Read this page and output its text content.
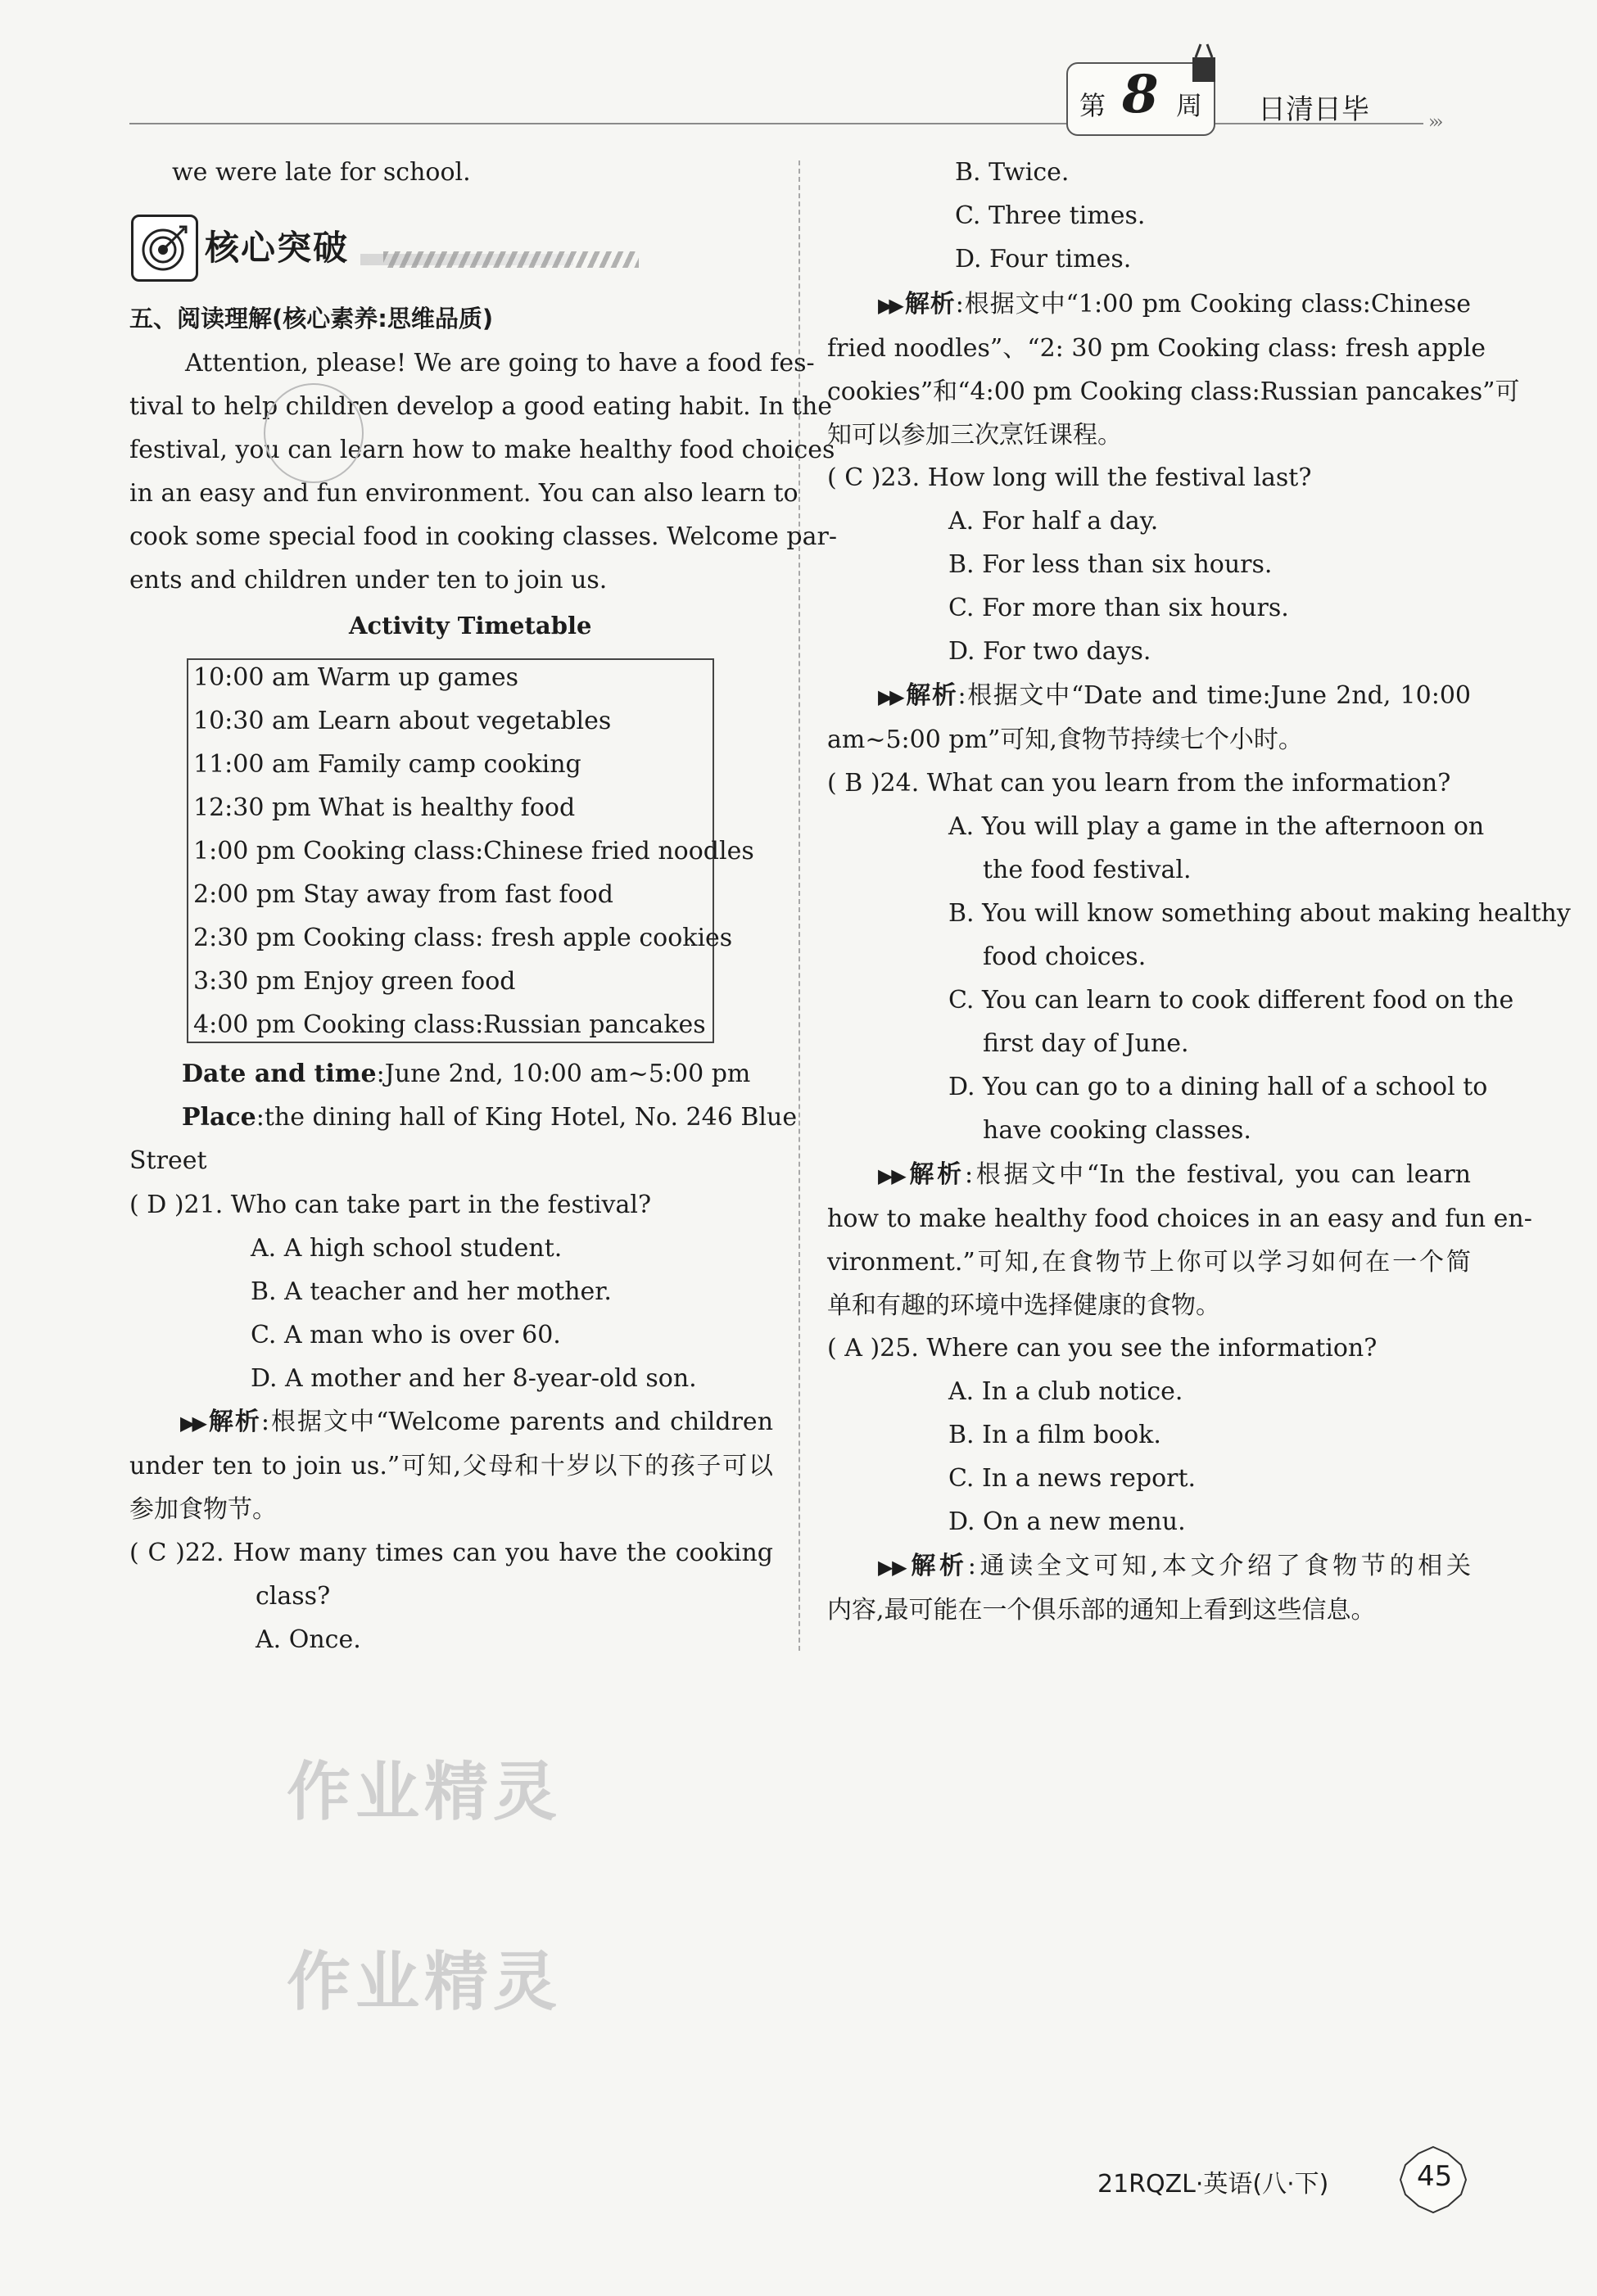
第 8 周 日清日毕	›››
we were late for school.
核心突破
五、阅读理解(核心素养:思维品质)
Attention, please! We are going to have a food fes-
tival to help children develop a good eating habit. In the
festival, you can learn how to make healthy food choices
in an easy and fun environment. You can also learn to
cook some special food in cooking classes. Welcome par-
ents and children under ten to join us.
Activity Timetable
10:00 am Warm up games
10:30 am Learn about vegetables
11:00 am Family camp cooking
12:30 pm What is healthy food
1:00 pm Cooking class:Chinese fried noodles
2:00 pm Stay away from fast food
2:30 pm Cooking class: fresh apple cookies
3:30 pm Enjoy green food
4:00 pm Cooking class:Russian pancakes
Date and time:June 2nd, 10:00 am~5:00 pm
Place:the dining hall of King Hotel, No. 246 Blue
Street
( D )21. Who can take part in the festival?
A. A high school student.
B. A teacher and her mother.
C. A man who is over 60.
D. A mother and her 8-year-old son.
▶▶ 解析:根据文中“Welcome parents and children
under ten to join us.”可知,父母和十岁以下的孩子可以
参加食物节。
( C )22. How many times can you have the cooking
class?
A. Once.
作业精灵
作业精灵
B. Twice.
C. Three times.
D. Four times.
▶▶ 解析:根据文中“1:00 pm Cooking class:Chinese
fried noodles”、“2: 30 pm Cooking class: fresh apple
cookies”和“4:00 pm Cooking class:Russian pancakes”可
知可以参加三次烹饪课程。
( C )23. How long will the festival last?
A. For half a day.
B. For less than six hours.
C. For more than six hours.
D. For two days.
▶▶ 解析:根据文中“Date and time:June 2nd, 10:00
am~5:00 pm”可知,食物节持续七个小时。
( B )24. What can you learn from the information?
A. You will play a game in the afternoon on
the food festival.
B. You will know something about making healthy
food choices.
C. You can learn to cook different food on the
first day of June.
D. You can go to a dining hall of a school to
have cooking classes.
▶▶ 解析:根据文中“In the festival, you can learn
how to make healthy food choices in an easy and fun en-
vironment.”可知,在食物节上你可以学习如何在一个简
单和有趣的环境中选择健康的食物。
( A )25. Where can you see the information?
A. In a club notice.
B. In a film book.
C. In a news report.
D. On a new menu.
▶▶ 解析:通读全文可知,本文介绍了食物节的相关
内容,最可能在一个俱乐部的通知上看到这些信息。
21RQZL·英语(八·下)	45
